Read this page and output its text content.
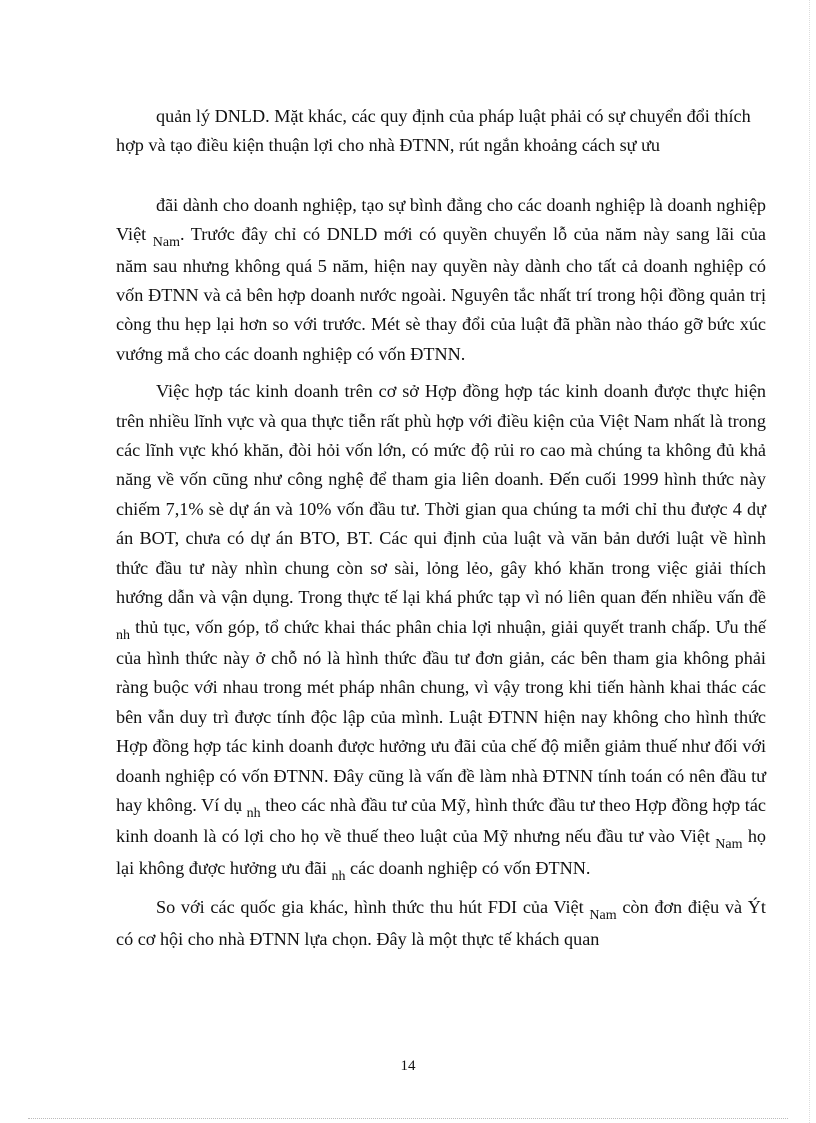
quản lý DNLD. Mặt khác, các quy định của pháp luật phải có sự chuyển đổi thích hợp và tạo điều kiện thuận lợi cho nhà ĐTNN, rút ngắn khoảng cách sự ưu

đãi dành cho doanh nghiệp, tạo sự bình đẳng cho các doanh nghiệp là doanh nghiệp Việt $_{Nam}$. Trước đây chỉ có DNLD mới có quyền chuyển lỗ của năm này sang lãi của năm sau nhưng không quá 5 năm, hiện nay quyền này dành cho tất cả doanh nghiệp có vốn ĐTNN và cả bên hợp doanh nước ngoài. Nguyên tắc nhất trí trong hội đồng quản trị còng thu hẹp lại hơn so với trước. Mét sè thay đổi của luật đã phần nào tháo gỡ bức xúc vướng mắ cho các doanh nghiệp có vốn ĐTNN.

Việc hợp tác kinh doanh trên cơ sở Hợp đồng hợp tác kinh doanh được thực hiện trên nhiều lĩnh vực và qua thực tiễn rất phù hợp với điều kiện của Việt Nam nhất là trong các lĩnh vực khó khăn, đòi hỏi vốn lớn, có mức độ rủi ro cao mà chúng ta không đủ khả năng về vốn cũng như công nghệ để tham gia liên doanh. Đến cuối 1999 hình thức này chiếm 7,1% sè dự án và 10% vốn đầu tư. Thời gian qua chúng ta mới chỉ thu được 4 dự án BOT, chưa có dự án BTO, BT. Các qui định của luật và văn bản dưới luật về hình thức đầu tư này nhìn chung còn sơ sài, lỏng lẻo, gây khó khăn trong việc giải thích hướng dẫn và vận dụng. Trong thực tế lại khá phức tạp vì nó liên quan đến nhiều vấn đề $_{nh}$ thủ tục, vốn góp, tổ chức khai thác phân chia lợi nhuận, giải quyết tranh chấp. Ưu thế của hình thức này ở chỗ nó là hình thức đầu tư đơn giản, các bên tham gia không phải ràng buộc với nhau trong mét pháp nhân chung, vì vậy trong khi tiến hành khai thác các bên vẫn duy trì được tính độc lập của mình. Luật ĐTNN hiện nay không cho hình thức Hợp đồng hợp tác kinh doanh được hưởng ưu đãi của chế độ miễn giảm thuế như đối với doanh nghiệp có vốn ĐTNN. Đây cũng là vấn đề làm nhà ĐTNN tính toán có nên đầu tư hay không. Ví dụ $_{nh}$ theo các nhà đầu tư của Mỹ, hình thức đầu tư theo Hợp đồng hợp tác kinh doanh là có lợi cho họ về thuế theo luật của Mỹ nhưng nếu đầu tư vào Việt $_{Nam}$ họ lại không được hưởng ưu đãi $_{nh}$ các doanh nghiệp có vốn ĐTNN.

So với các quốc gia khác, hình thức thu hút FDI của Việt $_{Nam}$ còn đơn điệu và Ýt có cơ hội cho nhà ĐTNN lựa chọn. Đây là một thực tế khách quan

14
